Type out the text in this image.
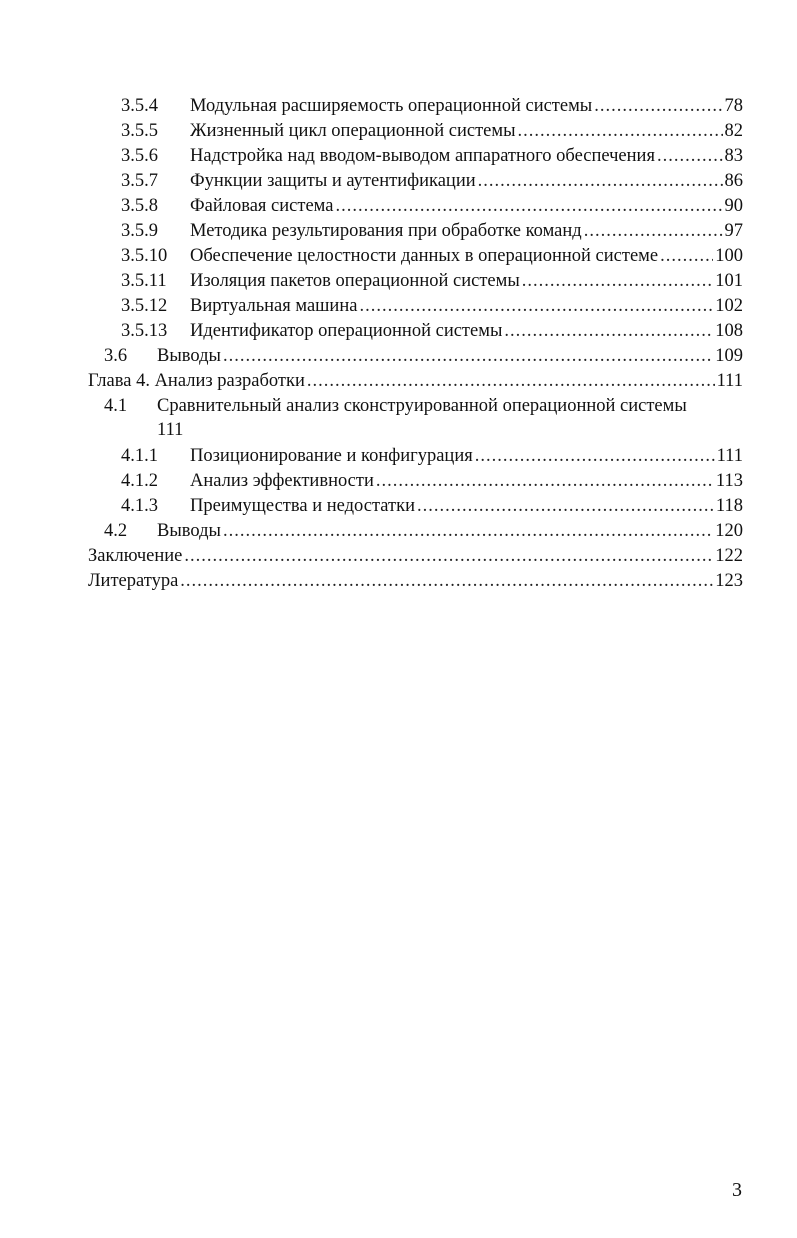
3.5.4 Модульная расширяемость операционной системы .....	78
3.5.5 Жизненный цикл операционной системы .....	82
3.5.6 Надстройка над вводом-выводом аппаратного обеспечения .....	83
3.5.7 Функции защиты и аутентификации .....	86
3.5.8 Файловая система .....	90
3.5.9 Методика результирования при обработке команд .....	97
3.5.10 Обеспечение целостности данных в операционной системе .....	100
3.5.11 Изоляция пакетов операционной системы .....	101
3.5.12 Виртуальная машина .....	102
3.5.13 Идентификатор операционной системы .....	108
3.6 Выводы .....	109
Глава 4. Анализ разработки .....	111
4.1 Сравнительный анализ сконструированной операционной системы
111
4.1.1 Позиционирование и конфигурация .....	111
4.1.2 Анализ эффективности .....	113
4.1.3 Преимущества и недостатки .....	118
4.2 Выводы .....	120
Заключение .....	122
Литература .....	123
3
